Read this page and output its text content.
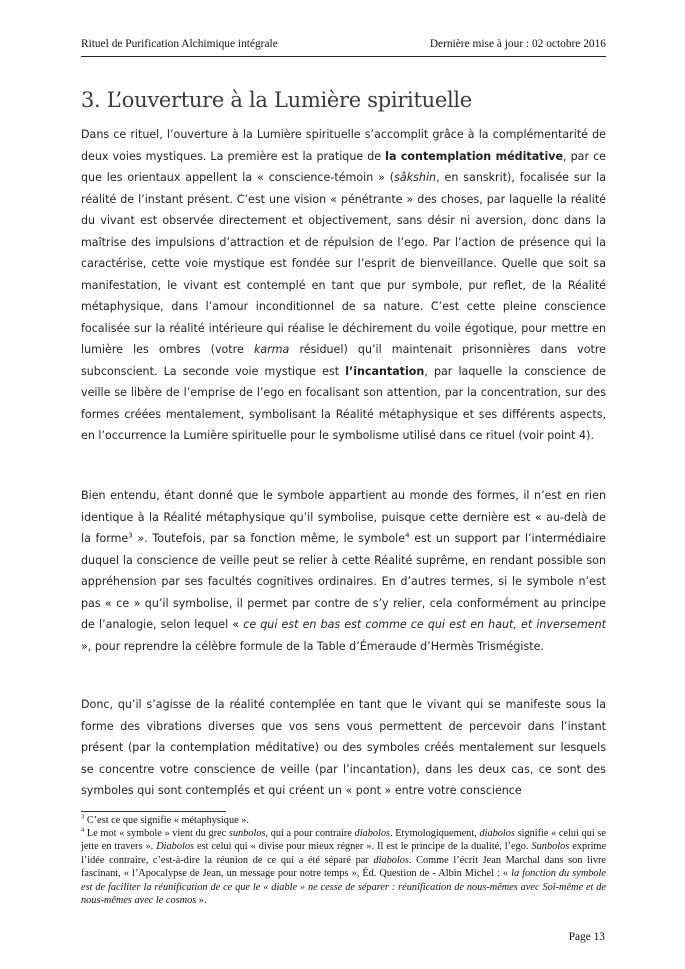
Rituel de Purification Alchimique intégrale	Dernière mise à jour : 02 octobre 2016
3. L’ouverture à la Lumière spirituelle

Dans ce rituel, l’ouverture à la Lumière spirituelle s’accomplit grâce à la complémentarité de deux voies mystiques. La première est la pratique de la contemplation méditative, par ce que les orientaux appellent la « conscience-témoin » (sâkshin, en sanskrit), focalisée sur la réalité de l’instant présent. C’est une vision « pénétrante » des choses, par laquelle la réalité du vivant est observée directement et objectivement, sans désir ni aversion, donc dans la maîtrise des impulsions d’attraction et de répulsion de l’ego. Par l’action de présence qui la caractérise, cette voie mystique est fondée sur l’esprit de bienveillance. Quelle que soit sa manifestation, le vivant est contemplé en tant que pur symbole, pur reflet, de la Réalité métaphysique, dans l’amour inconditionnel de sa nature. C’est cette pleine conscience focalisée sur la réalité intérieure qui réalise le déchirement du voile égotique, pour mettre en lumière les ombres (votre karma résiduel) qu’il maintenait prisonnières dans votre subconscient. La seconde voie mystique est l’incantation, par laquelle la conscience de veille se libère de l’emprise de l’ego en focalisant son attention, par la concentration, sur des formes créées mentalement, symbolisant la Réalité métaphysique et ses différents aspects, en l’occurrence la Lumière spirituelle pour le symbolisme utilisé dans ce rituel (voir point 4).

Bien entendu, étant donné que le symbole appartient au monde des formes, il n’est en rien identique à la Réalité métaphysique qu’il symbolise, puisque cette dernière est « au-delà de la forme$^3$ ». Toutefois, par sa fonction même, le symbole$^4$ est un support par l’intermédiaire duquel la conscience de veille peut se relier à cette Réalité suprême, en rendant possible son appréhension par ses facultés cognitives ordinaires. En d’autres termes, si le symbole n’est pas « ce » qu’il symbolise, il permet par contre de s’y relier, cela conformément au principe de l’analogie, selon lequel « ce qui est en bas est comme ce qui est en haut, et inversement », pour reprendre la célèbre formule de la Table d’Émeraude d’Hermès Trismégiste.

Donc, qu’il s’agisse de la réalité contemplée en tant que le vivant qui se manifeste sous la forme des vibrations diverses que vos sens vous permettent de percevoir dans l’instant présent (par la contemplation méditative) ou des symboles créés mentalement sur lesquels se concentre votre conscience de veille (par l’incantation), dans les deux cas, ce sont des symboles qui sont contemplés et qui créent un « pont » entre votre conscience

$^3$ C’est ce que signifie « métaphysique ».

$^4$ Le mot « symbole » vient du grec sunbolos, qui a pour contraire diabolos. Etymologiquement, diabolos signifie « celui qui se jette en travers ». Diabolos est celui qui « divise pour mieux régner ». Il est le principe de la dualité, l’ego. Sunbolos exprime l’idée contraire, c’est-à-dire la réunion de ce qui a été séparé par diabolos. Comme l’écrit Jean Marchal dans son livre fascinant, « l’Apocalypse de Jean, un message pour notre temps », Éd. Question de - Albin Michel : « la fonction du symbole est de faciliter la réunification de ce que le « diable » ne cesse de séparer : réunification de nous-mêmes avec Soi-même et de nous-mêmes avec le cosmos ».

Page 13
